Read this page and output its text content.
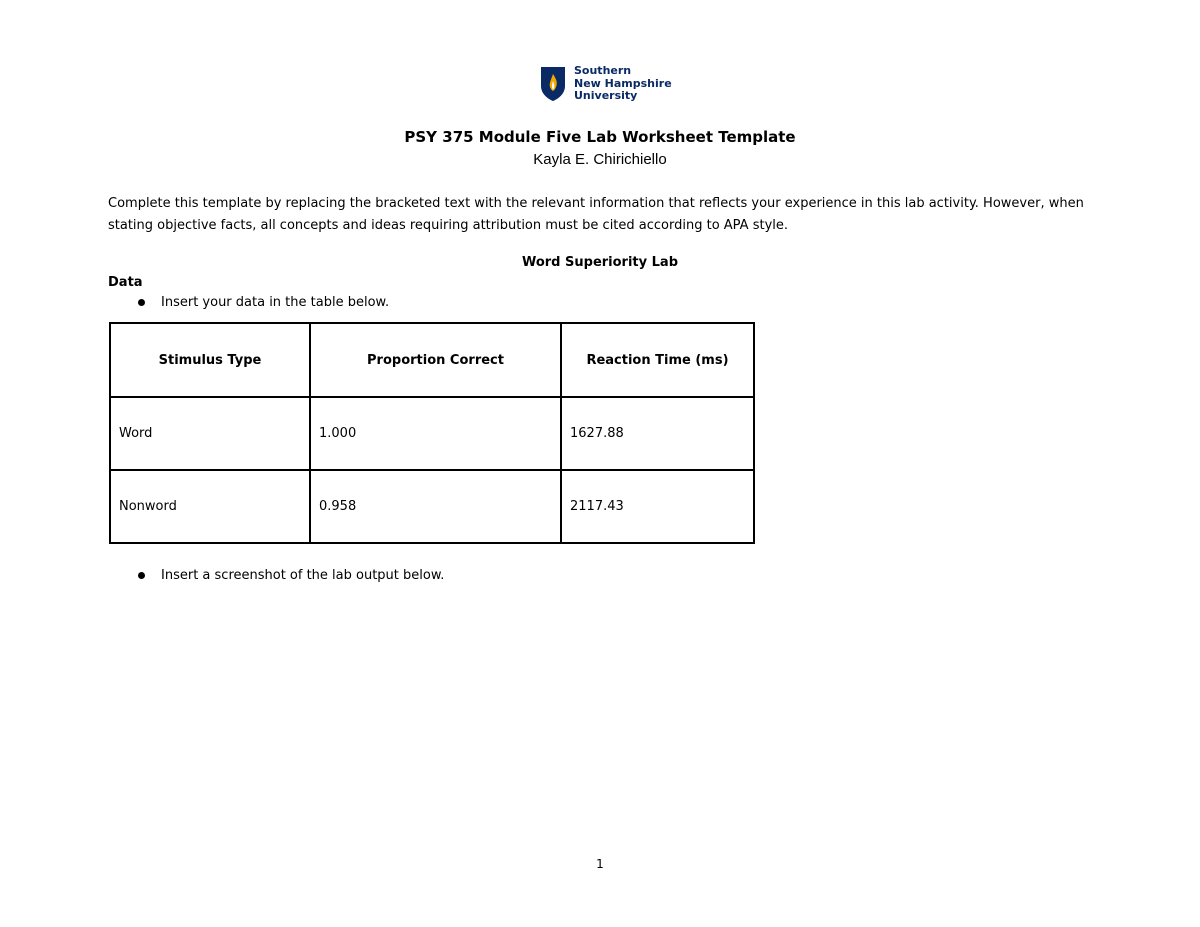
Southern
New Hampshire
University
PSY 375 Module Five Lab Worksheet Template
Kayla E. Chirichiello
Complete this template by replacing the bracketed text with the relevant information that reflects your experience in this lab activity. However, when stating objective facts, all concepts and ideas requiring attribution must be cited according to APA style.
Word Superiority Lab
Data
Insert your data in the table below.
Stimulus Type	Proportion Correct	Reaction Time (ms)
Word	1.000	1627.88
Nonword	0.958	2117.43
Insert a screenshot of the lab output below.
1
